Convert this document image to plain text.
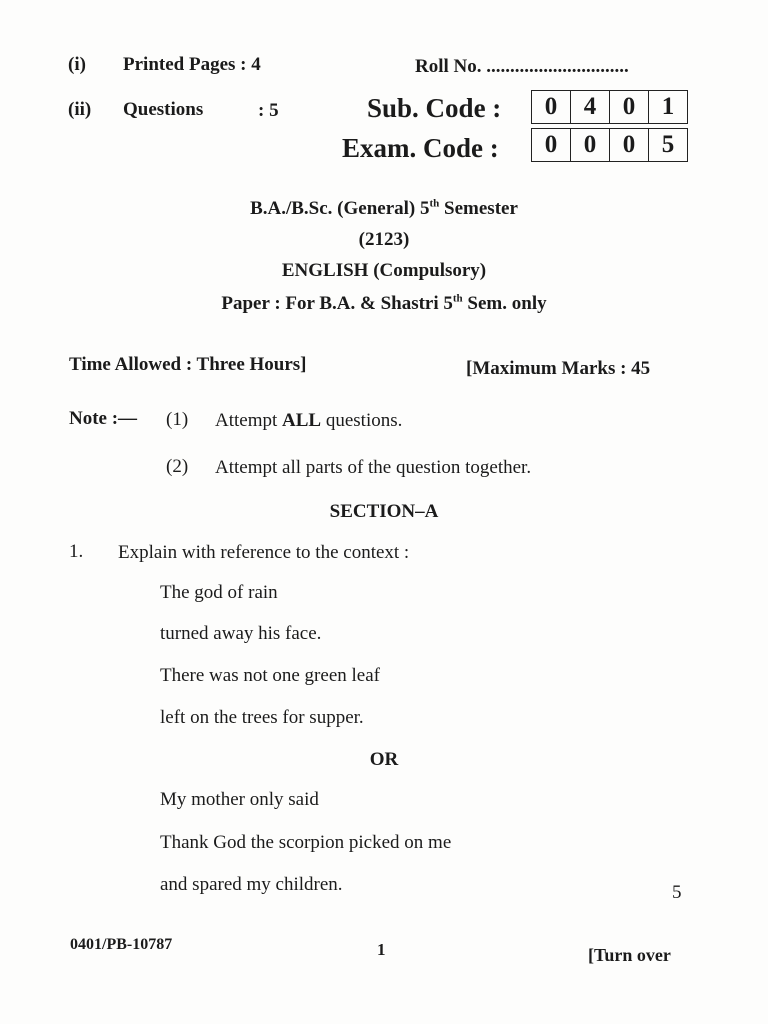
(i) Printed Pages : 4
(ii) Questions	: 5
Roll No. ..............................
Sub. Code :	0	4	0	1
Exam. Code :	0	0	0	5
B.A./B.Sc. (General) 5th Semester
(2123)
ENGLISH (Compulsory)
Paper : For B.A. & Shastri 5th Sem. only
Time Allowed : Three Hours]	[Maximum Marks : 45
Note :— (1) Attempt ALL questions.
(2) Attempt all parts of the question together.
SECTION–A
1. Explain with reference to the context :
The god of rain
turned away his face.
There was not one green leaf
left on the trees for supper.
OR
My mother only said
Thank God the scorpion picked on me
and spared my children.	5
0401/PB-10787	1	[Turn over
